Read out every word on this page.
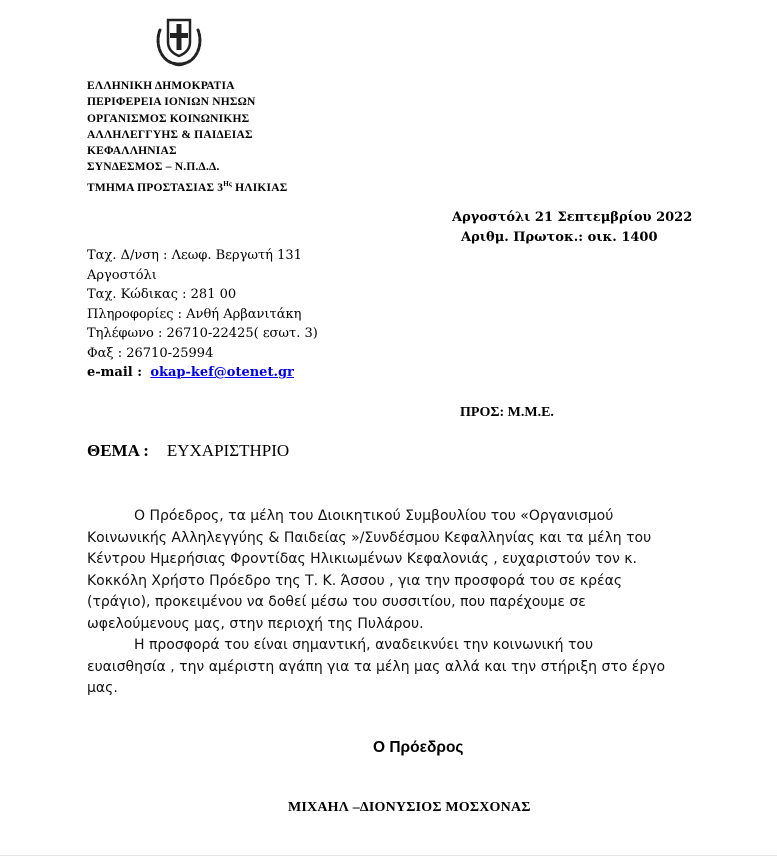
ΕΛΛΗΝΙΚΗ ΔΗΜΟΚΡΑΤΙΑ
ΠΕΡΙΦΕΡΕΙΑ ΙΟΝΙΩΝ ΝΗΣΩΝ
ΟΡΓΑΝΙΣΜΟΣ ΚΟΙΝΩΝΙΚΗΣ
ΑΛΛΗΛΕΓΓΥΗΣ & ΠΑΙΔΕΙΑΣ
ΚΕΦΑΛΛΗΝΙΑΣ
ΣΥΝΔΕΣΜΟΣ – Ν.Π.Δ.Δ.
ΤΜΗΜΑ ΠΡΟΣΤΑΣΙΑΣ $3^{H\varsigma}$ ΗΛΙΚΙΑΣ
Αργοστόλι 21 Σεπτεμβρίου 2022
Αριθμ. Πρωτοκ.: οικ. 1400
Ταχ. Δ/νση : Λεωφ. Βεργωτή 131
Αργοστόλι
Ταχ. Κώδικας : 281 00
Πληροφορίες : Ανθή Αρβανιτάκη
Τηλέφωνο : 26710-22425( εσωτ. 3)
Φαξ : 26710-25994
e-mail : okap-kef@otenet.gr
ΠΡΟΣ: Μ.Μ.Ε.
ΘΕΜΑ : ΕΥΧΑΡΙΣΤΗΡΙΟ
Ο Πρόεδρος, τα μέλη του Διοικητικού Συμβουλίου του «Οργανισμού
Κοινωνικής Αλληλεγγύης & Παιδείας »/Συνδέσμου Κεφαλληνίας και τα μέλη του
Κέντρου Ημερήσιας Φροντίδας Ηλικιωμένων Κεφαλονιάς , ευχαριστούν τον κ.
Κοκκόλη Χρήστο Πρόεδρο της Τ. Κ. Άσσου , για την προσφορά του σε κρέας
(τράγιο), προκειμένου να δοθεί μέσω του συσσιτίου, που παρέχουμε σε
ωφελούμενους μας, στην περιοχή της Πυλάρου.
Η προσφορά του είναι σημαντική, αναδεικνύει την κοινωνική του
ευαισθησία , την αμέριστη αγάπη για τα μέλη μας αλλά και την στήριξη στο έργο
μας.
Ο Πρόεδρος
ΜΙΧΑΗΛ –ΔΙΟΝΥΣΙΟΣ ΜΟΣΧΟΝΑΣ
